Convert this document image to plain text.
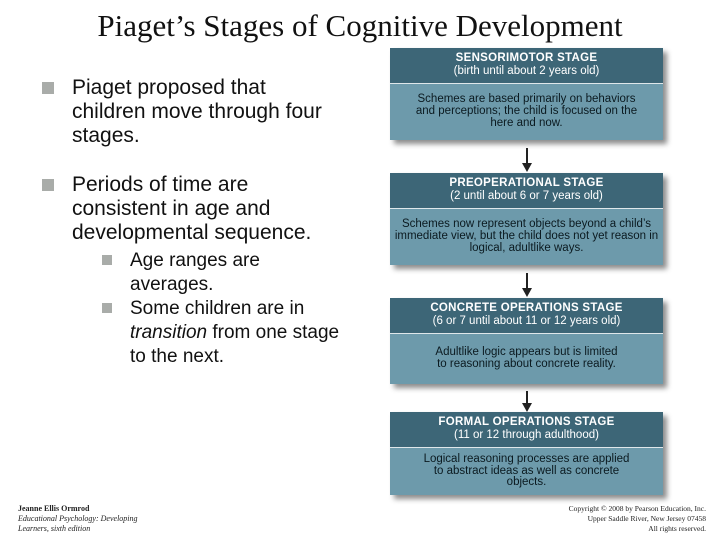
Piaget’s Stages of Cognitive Development
Piaget proposed that children move through four stages.
Periods of time are consistent in age and developmental sequence.
Age ranges are averages.
Some children are in transition from one stage to the next.
SENSORIMOTOR STAGE
(birth until about 2 years old)
Schemes are based primarily on behaviors and perceptions; the child is focused on the here and now.
PREOPERATIONAL STAGE
(2 until about 6 or 7 years old)
Schemes now represent objects beyond a child’s immediate view, but the child does not yet reason in logical, adultlike ways.
CONCRETE OPERATIONS STAGE
(6 or 7 until about 11 or 12 years old)
Adultlike logic appears but is limited to reasoning about concrete reality.
FORMAL OPERATIONS STAGE
(11 or 12 through adulthood)
Logical reasoning processes are applied to abstract ideas as well as concrete objects.
Jeanne Ellis Ormrod
Educational Psychology: Developing
Learners, sixth edition
Copyright © 2008 by Pearson Education, Inc.
Upper Saddle River, New Jersey 07458
All rights reserved.
